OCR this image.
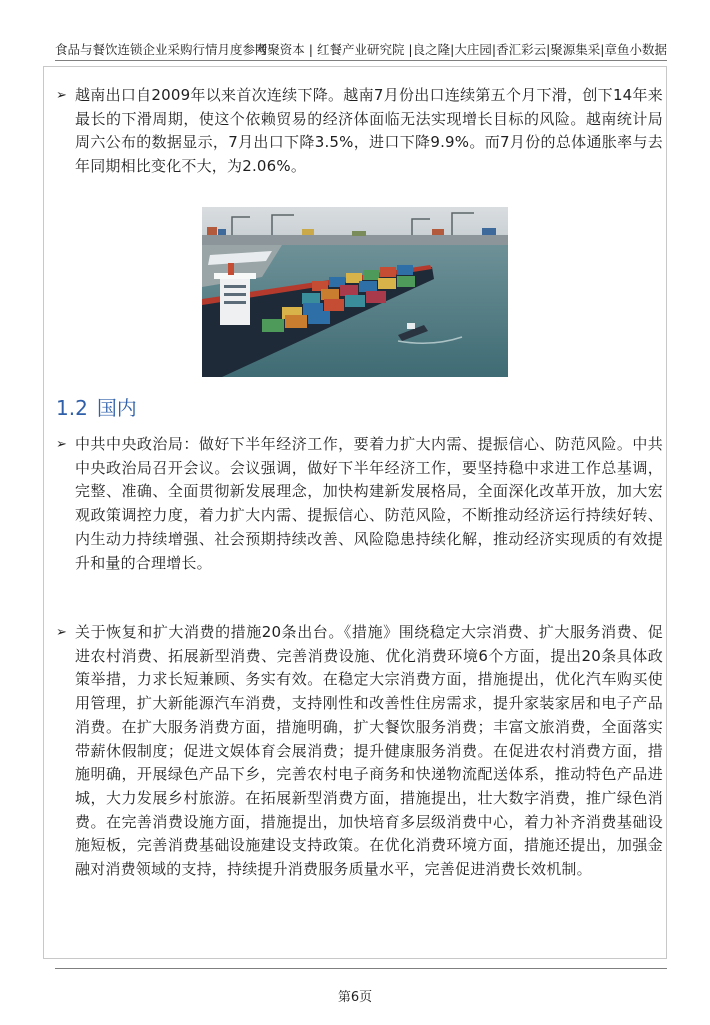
食品与餐饮连锁企业采购行情月度参考
网聚资本 | 红餐产业研究院 |良之隆|大庄园|香汇彩云|聚源集采|章鱼小数据
➢ 越南出口自2009年以来首次连续下降。越南7月份出口连续第五个月下滑，创下14年来最长的下滑周期，使这个依赖贸易的经济体面临无法实现增长目标的风险。越南统计局周六公布的数据显示，7月出口下降3.5%，进口下降9.9%。而7月份的总体通胀率与去年同期相比变化不大，为2.06%。

1.2 国内
➢ 中共中央政治局：做好下半年经济工作，要着力扩大内需、提振信心、防范风险。中共中央政治局召开会议。会议强调，做好下半年经济工作，要坚持稳中求进工作总基调，完整、准确、全面贯彻新发展理念，加快构建新发展格局，全面深化改革开放，加大宏观政策调控力度，着力扩大内需、提振信心、防范风险，不断推动经济运行持续好转、内生动力持续增强、社会预期持续改善、风险隐患持续化解，推动经济实现质的有效提升和量的合理增长。

➢ 关于恢复和扩大消费的措施20条出台。《措施》围绕稳定大宗消费、扩大服务消费、促进农村消费、拓展新型消费、完善消费设施、优化消费环境6个方面，提出20条具体政策举措，力求长短兼顾、务实有效。在稳定大宗消费方面，措施提出，优化汽车购买使用管理，扩大新能源汽车消费，支持刚性和改善性住房需求，提升家装家居和电子产品消费。在扩大服务消费方面，措施明确，扩大餐饮服务消费；丰富文旅消费，全面落实带薪休假制度；促进文娱体育会展消费；提升健康服务消费。在促进农村消费方面，措施明确，开展绿色产品下乡，完善农村电子商务和快递物流配送体系，推动特色产品进城，大力发展乡村旅游。在拓展新型消费方面，措施提出，壮大数字消费，推广绿色消费。在完善消费设施方面，措施提出，加快培育多层级消费中心，着力补齐消费基础设施短板，完善消费基础设施建设支持政策。在优化消费环境方面，措施还提出，加强金融对消费领域的支持，持续提升消费服务质量水平，完善促进消费长效机制。

第6页
